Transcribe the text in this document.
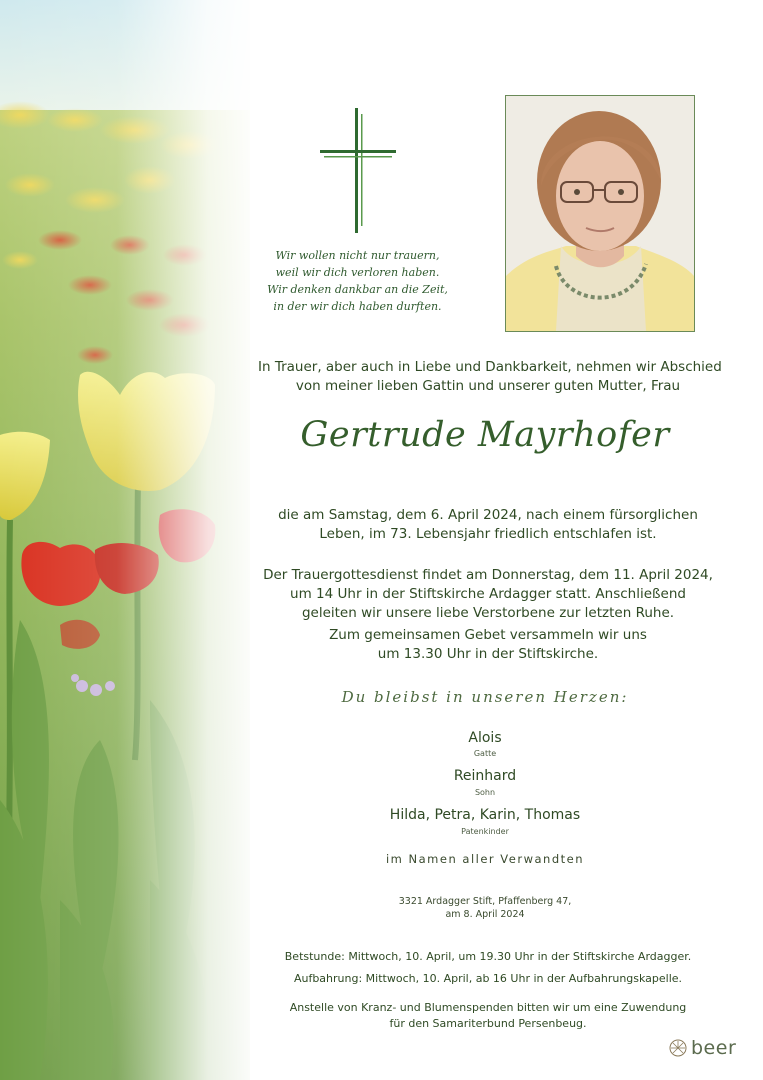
Wir wollen nicht nur trauern,
weil wir dich verloren haben.
Wir denken dankbar an die Zeit,
in der wir dich haben durften.
In Trauer, aber auch in Liebe und Dankbarkeit, nehmen wir Abschied
von meiner lieben Gattin und unserer guten Mutter, Frau
Gertrude Mayrhofer
die am Samstag, dem 6. April 2024, nach einem fürsorglichen
Leben, im 73. Lebensjahr friedlich entschlafen ist.
Der Trauergottesdienst findet am Donnerstag, dem 11. April 2024,
um 14 Uhr in der Stiftskirche Ardagger statt. Anschließend
geleiten wir unsere liebe Verstorbene zur letzten Ruhe.
Zum gemeinsamen Gebet versammeln wir uns
um 13.30 Uhr in der Stiftskirche.
Du bleibst in unseren Herzen:
Alois
Gatte
Reinhard
Sohn
Hilda, Petra, Karin, Thomas
Patenkinder
im Namen aller Verwandten
3321 Ardagger Stift, Pfaffenberg 47,
am 8. April 2024
Betstunde: Mittwoch, 10. April, um 19.30 Uhr in der Stiftskirche Ardagger.
Aufbahrung: Mittwoch, 10. April, ab 16 Uhr in der Aufbahrungskapelle.
Anstelle von Kranz- und Blumenspenden bitten wir um eine Zuwendung
für den Samariterbund Persenbeug.
beer
